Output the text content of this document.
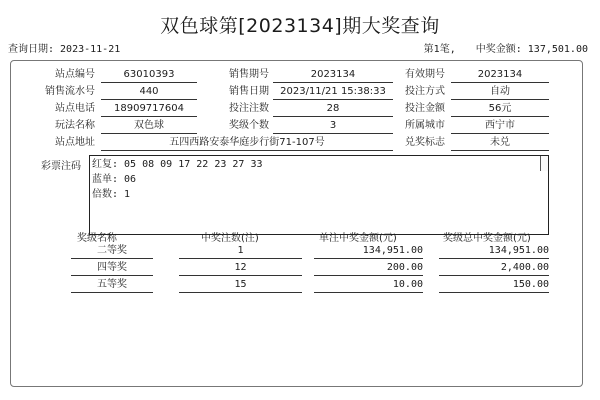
双色球第[2023134]期大奖查询
查询日期: 2023-11-21	第1笔, 中奖金额: 137,501.00
站点编号	63010393	销售期号	2023134	有效期号	2023134
销售流水号	440	销售日期	2023/11/21 15:38:33	投注方式	自动
站点电话	18909717604	投注注数	28	投注金额	56元
玩法名称	双色球	奖级个数	3	所属城市	西宁市
站点地址	五四西路安泰华庭步行街71-107号	兑奖标志	未兑
彩票注码 红复: 05 08 09 17 22 23 27 33
蓝单: 06
倍数: 1
奖级名称	中奖注数(注)	单注中奖金额(元)	奖级总中奖金额(元)
二等奖	1	134,951.00	134,951.00
四等奖	12	200.00	2,400.00
五等奖	15	10.00	150.00
